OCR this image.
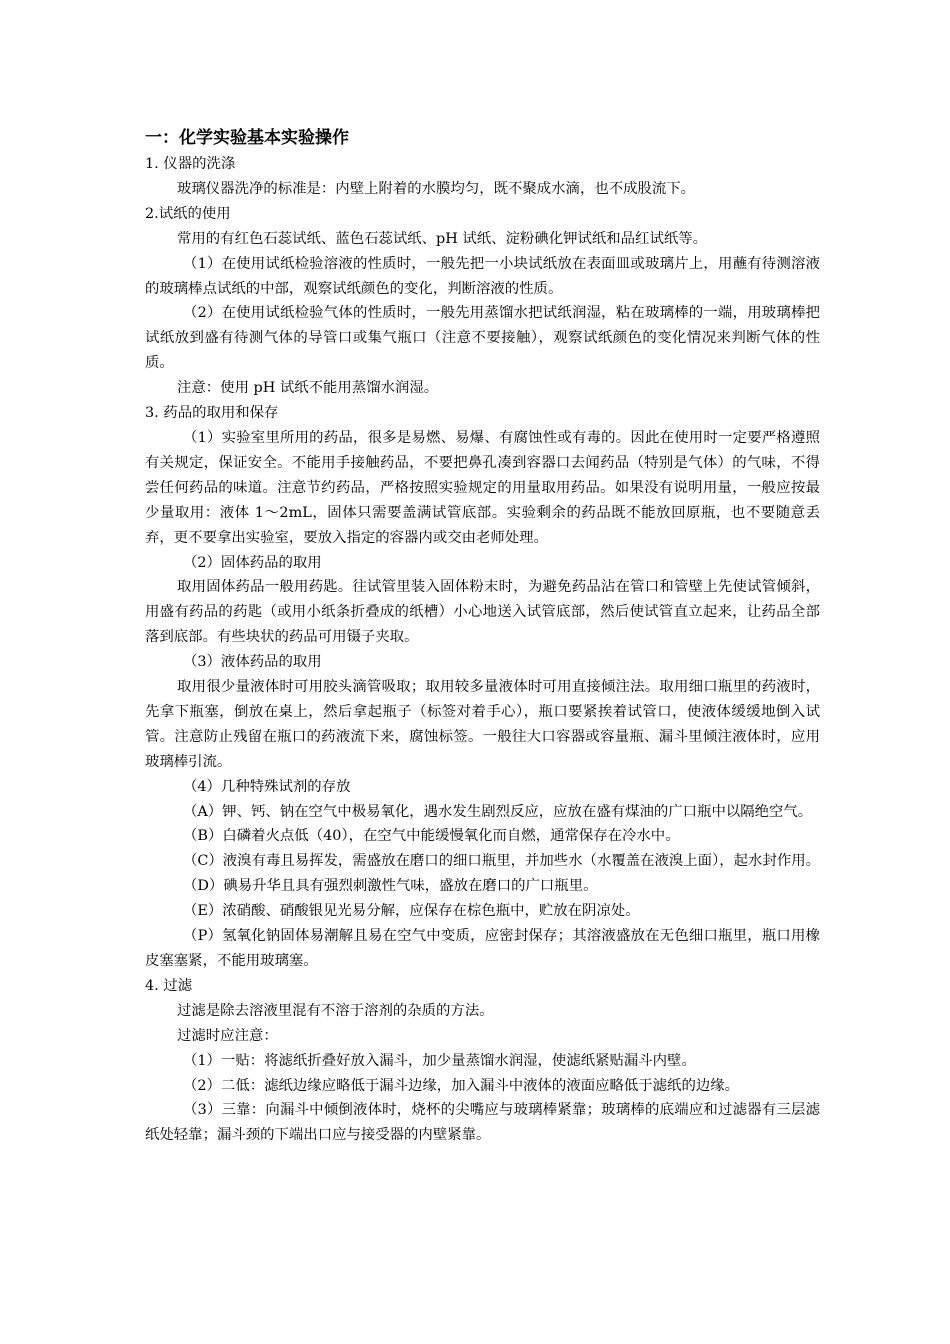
一：化学实验基本实验操作

1. 仪器的洗涤

玻璃仪器洗净的标准是：内壁上附着的水膜均匀，既不聚成水滴，也不成股流下。

2.试纸的使用

常用的有红色石蕊试纸、蓝色石蕊试纸、pH 试纸、淀粉碘化钾试纸和品红试纸等。

（1）在使用试纸检验溶液的性质时，一般先把一小块试纸放在表面皿或玻璃片上，用蘸有待测溶液的玻璃棒点试纸的中部，观察试纸颜色的变化，判断溶液的性质。

（2）在使用试纸检验气体的性质时，一般先用蒸馏水把试纸润湿，粘在玻璃棒的一端，用玻璃棒把试纸放到盛有待测气体的导管口或集气瓶口（注意不要接触），观察试纸颜色的变化情况来判断气体的性质。

注意：使用 pH 试纸不能用蒸馏水润湿。

3. 药品的取用和保存

（1）实验室里所用的药品，很多是易燃、易爆、有腐蚀性或有毒的。因此在使用时一定要严格遵照有关规定，保证安全。不能用手接触药品，不要把鼻孔凑到容器口去闻药品（特别是气体）的气味，不得尝任何药品的味道。注意节约药品，严格按照实验规定的用量取用药品。如果没有说明用量，一般应按最少量取用：液体 1～2mL，固体只需要盖满试管底部。实验剩余的药品既不能放回原瓶，也不要随意丢弃，更不要拿出实验室，要放入指定的容器内或交由老师处理。

（2）固体药品的取用

取用固体药品一般用药匙。往试管里装入固体粉末时，为避免药品沾在管口和管壁上先使试管倾斜，用盛有药品的药匙（或用小纸条折叠成的纸槽）小心地送入试管底部，然后使试管直立起来，让药品全部落到底部。有些块状的药品可用镊子夹取。

（3）液体药品的取用

取用很少量液体时可用胶头滴管吸取；取用较多量液体时可用直接倾注法。取用细口瓶里的药液时，先拿下瓶塞，倒放在桌上，然后拿起瓶子（标签对着手心），瓶口要紧挨着试管口，使液体缓缓地倒入试管。注意防止残留在瓶口的药液流下来，腐蚀标签。一般往大口容器或容量瓶、漏斗里倾注液体时，应用玻璃棒引流。

（4）几种特殊试剂的存放

（A）钾、钙、钠在空气中极易氧化，遇水发生剧烈反应，应放在盛有煤油的广口瓶中以隔绝空气。

（B）白磷着火点低（40），在空气中能缓慢氧化而自燃，通常保存在冷水中。

（C）液溴有毒且易挥发，需盛放在磨口的细口瓶里，并加些水（水覆盖在液溴上面），起水封作用。

（D）碘易升华且具有强烈刺激性气味，盛放在磨口的广口瓶里。

（E）浓硝酸、硝酸银见光易分解，应保存在棕色瓶中，贮放在阴凉处。

（P）氢氧化钠固体易潮解且易在空气中变质，应密封保存；其溶液盛放在无色细口瓶里，瓶口用橡皮塞塞紧，不能用玻璃塞。

4. 过滤

过滤是除去溶液里混有不溶于溶剂的杂质的方法。

过滤时应注意：

（1）一贴：将滤纸折叠好放入漏斗，加少量蒸馏水润湿，使滤纸紧贴漏斗内壁。

（2）二低：滤纸边缘应略低于漏斗边缘，加入漏斗中液体的液面应略低于滤纸的边缘。

（3）三靠：向漏斗中倾倒液体时，烧杯的尖嘴应与玻璃棒紧靠；玻璃棒的底端应和过滤器有三层滤纸处轻靠；漏斗颈的下端出口应与接受器的内壁紧靠。
